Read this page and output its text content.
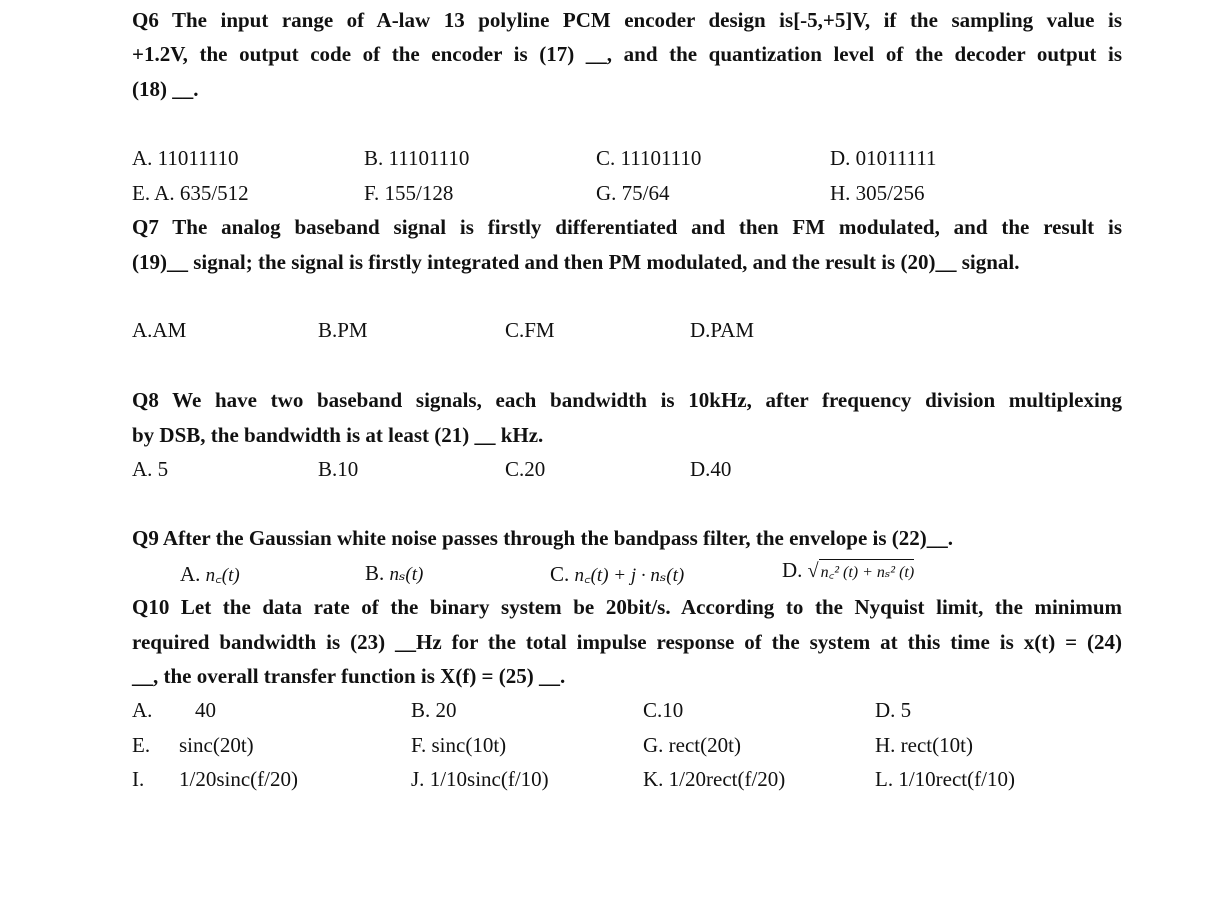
Q6 The input range of A-law 13 polyline PCM encoder design is[-5,+5]V, if the sampling value is
+1.2V, the output code of the encoder is (17) __, and the quantization level of the decoder output is
(18) __.
A. 11011110	B. 11101110	C. 11101110	D. 01011111
E. A. 635/512	F. 155/128	G. 75/64	H. 305/256
Q7 The analog baseband signal is firstly differentiated and then FM modulated, and the result is
(19)__ signal; the signal is firstly integrated and then PM modulated, and the result is (20)__ signal.
A.AM	B.PM	C.FM	D.PAM
Q8 We have two baseband signals, each bandwidth is 10kHz, after frequency division multiplexing
by DSB, the bandwidth is at least (21) __ kHz.
A. 5	B.10	C.20	D.40
Q9 After the Gaussian white noise passes through the bandpass filter, the envelope is (22)__.
A. n꜀(t)	B. nₛ(t)	C. n꜀(t) + j · nₛ(t)	D. √ n꜀² (t) + nₛ² (t)
Q10 Let the data rate of the binary system be 20bit/s. According to the Nyquist limit, the minimum
required bandwidth is (23) __Hz for the total impulse response of the system at this time is x(t) = (24)
__, the overall transfer function is X(f) = (25) __.
A. 40	B. 20	C.10	D. 5
E. sinc(20t)	F. sinc(10t)	G. rect(20t)	H. rect(10t)
I. 1/20sinc(f/20)	J. 1/10sinc(f/10)	K. 1/20rect(f/20)	L. 1/10rect(f/10)
